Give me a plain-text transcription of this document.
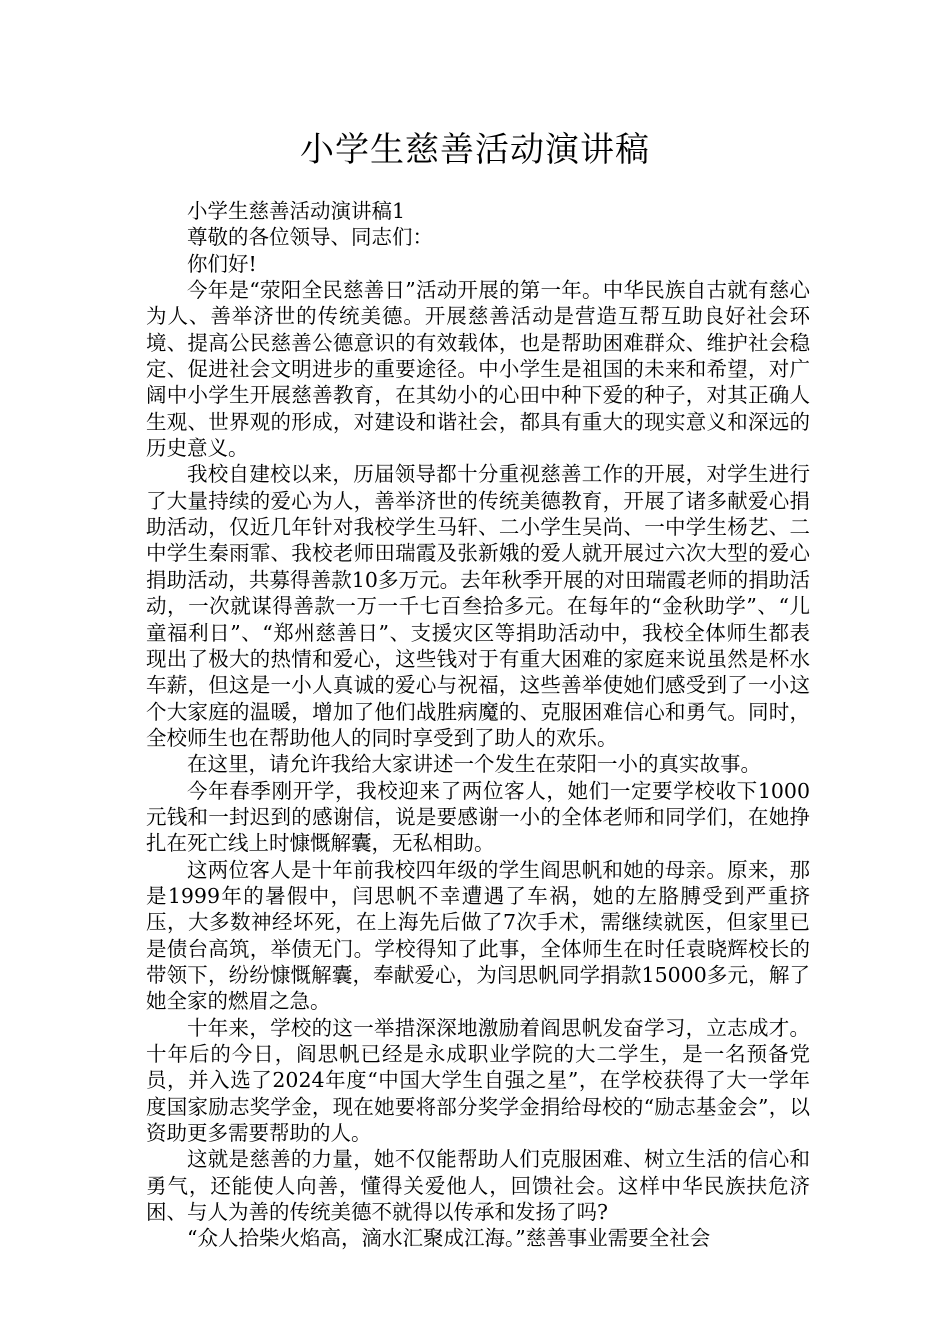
小学生慈善活动演讲稿

小学生慈善活动演讲稿1

尊敬的各位领导、同志们：

你们好!

今年是“荥阳全民慈善日”活动开展的第一年。中华民族自古就有慈心为人、善举济世的传统美德。开展慈善活动是营造互帮互助良好社会环境、提高公民慈善公德意识的有效载体，也是帮助困难群众、维护社会稳定、促进社会文明进步的重要途径。中小学生是祖国的未来和希望，对广阔中小学生开展慈善教育，在其幼小的心田中种下爱的种子，对其正确人生观、世界观的形成，对建设和谐社会，都具有重大的现实意义和深远的历史意义。

我校自建校以来，历届领导都十分重视慈善工作的开展，对学生进行了大量持续的爱心为人，善举济世的传统美德教育，开展了诸多献爱心捐助活动，仅近几年针对我校学生马轩、二小学生吴尚、一中学生杨艺、二中学生秦雨霏、我校老师田瑞霞及张新娥的爱人就开展过六次大型的爱心捐助活动，共募得善款10多万元。去年秋季开展的对田瑞霞老师的捐助活动，一次就谋得善款一万一千七百叁拾多元。在每年的“金秋助学”、“儿童福利日”、“郑州慈善日”、支援灾区等捐助活动中，我校全体师生都表现出了极大的热情和爱心，这些钱对于有重大困难的家庭来说虽然是杯水车薪，但这是一小人真诚的爱心与祝福，这些善举使她们感受到了一小这个大家庭的温暖，增加了他们战胜病魔的、克服困难信心和勇气。同时，全校师生也在帮助他人的同时享受到了助人的欢乐。

在这里，请允许我给大家讲述一个发生在荥阳一小的真实故事。

今年春季刚开学，我校迎来了两位客人，她们一定要学校收下1000元钱和一封迟到的感谢信，说是要感谢一小的全体老师和同学们，在她挣扎在死亡线上时慷慨解囊，无私相助。

这两位客人是十年前我校四年级的学生阎思帆和她的母亲。原来，那是1999年的暑假中，闫思帆不幸遭遇了车祸，她的左胳膊受到严重挤压，大多数神经坏死，在上海先后做了7次手术，需继续就医，但家里已是债台高筑，举债无门。学校得知了此事，全体师生在时任袁晓辉校长的带领下，纷纷慷慨解囊，奉献爱心，为闫思帆同学捐款15000多元，解了她全家的燃眉之急。

十年来，学校的这一举措深深地激励着阎思帆发奋学习，立志成才。十年后的今日，阎思帆已经是永成职业学院的大二学生，是一名预备党员，并入选了2024年度“中国大学生自强之星”，在学校获得了大一学年度国家励志奖学金，现在她要将部分奖学金捐给母校的“励志基金会”，以资助更多需要帮助的人。

这就是慈善的力量，她不仅能帮助人们克服困难、树立生活的信心和勇气，还能使人向善，懂得关爱他人，回馈社会。这样中华民族扶危济困、与人为善的传统美德不就得以传承和发扬了吗?

“众人拾柴火焰高，滴水汇聚成江海。”慈善事业需要全社会
